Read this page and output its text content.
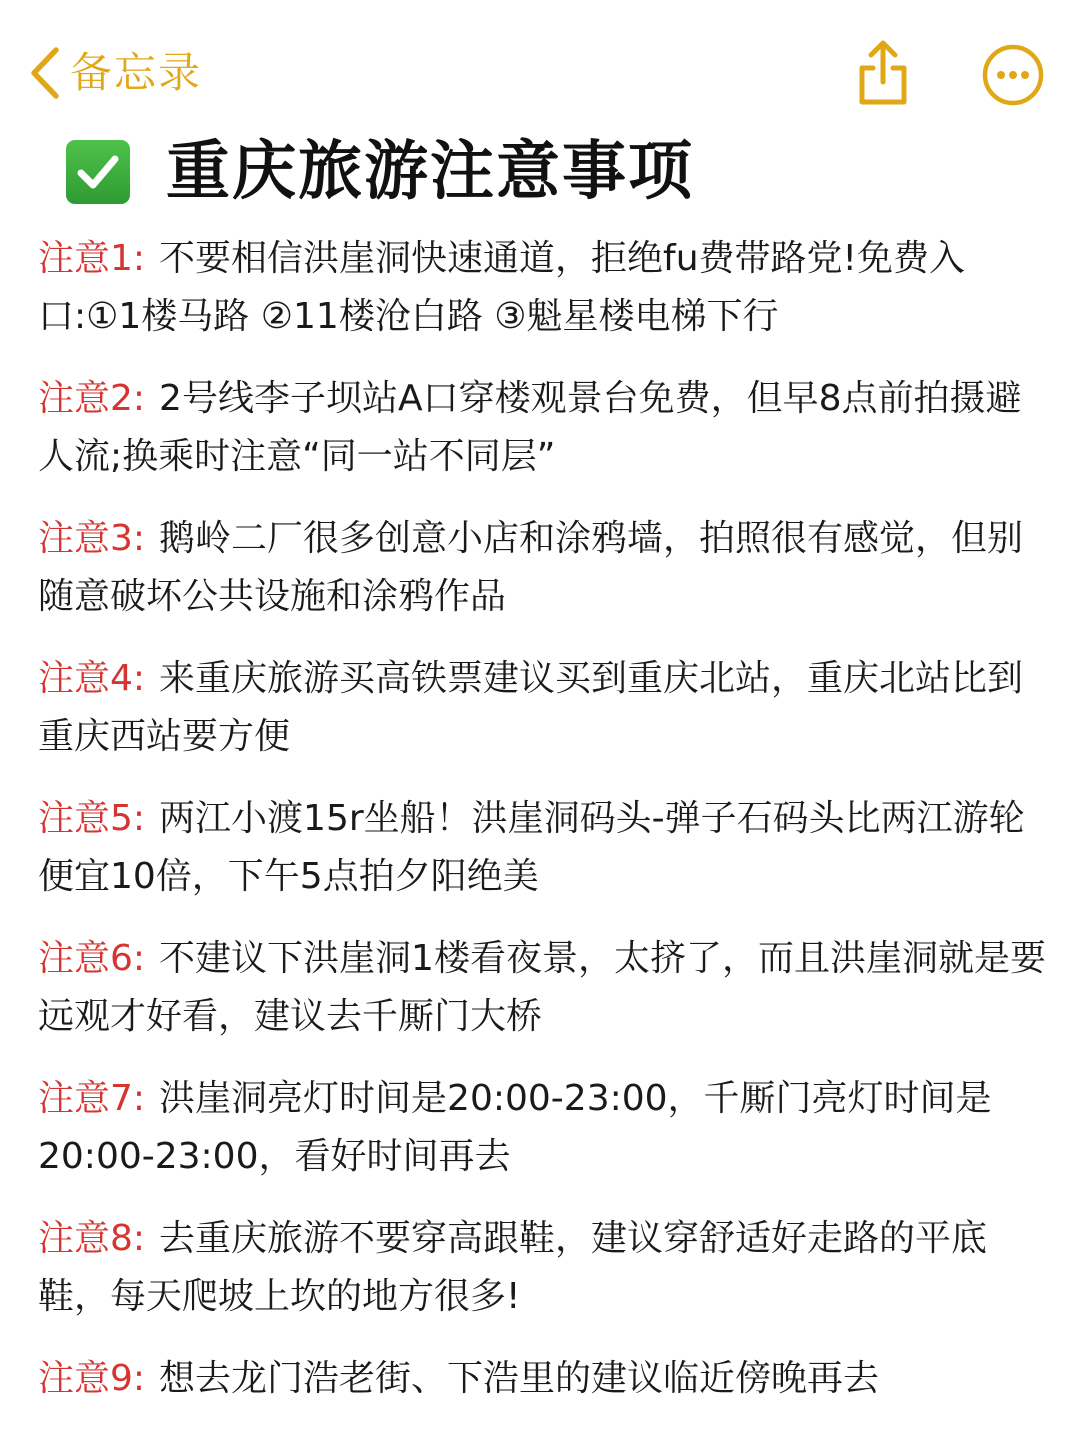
备忘录
重庆旅游注意事项

注意1: 不要相信洪崖洞快速通道，拒绝fu费带路党!免费入口:①1楼马路 ②11楼沧白路 ③魁星楼电梯下行

注意2: 2号线李子坝站A口穿楼观景台免费，但早8点前拍摄避人流;换乘时注意“同一站不同层”

注意3: 鹅岭二厂很多创意小店和涂鸦墙，拍照很有感觉，但别随意破坏公共设施和涂鸦作品

注意4: 来重庆旅游买高铁票建议买到重庆北站，重庆北站比到重庆西站要方便

注意5: 两江小渡15r坐船！洪崖洞码头-弹子石码头比两江游轮便宜10倍，下午5点拍夕阳绝美

注意6: 不建议下洪崖洞1楼看夜景，太挤了，而且洪崖洞就是要远观才好看，建议去千厮门大桥

注意7: 洪崖洞亮灯时间是20:00-23:00，千厮门亮灯时间是20:00-23:00，看好时间再去

注意8: 去重庆旅游不要穿高跟鞋，建议穿舒适好走路的平底鞋，每天爬坡上坎的地方很多!

注意9: 想去龙门浩老街、下浩里的建议临近傍晚再去
